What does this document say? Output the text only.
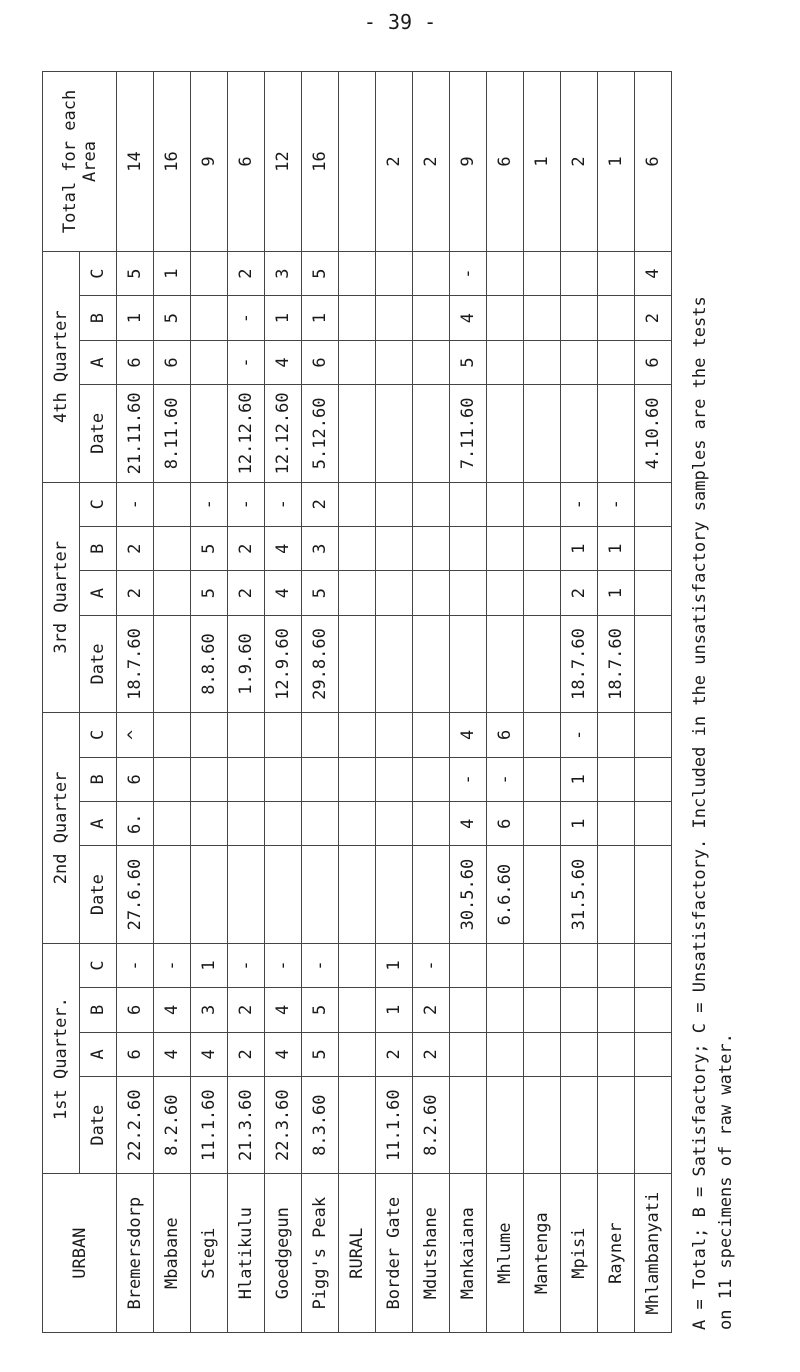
- 39 -
URBAN	1st Quarter.				2nd Quarter				3rd Quarter				4th Quarter				Total for each Area
	Date	A	B	C	Date	A	B	C	Date	A	B	C	Date	A	B	C	
Bremersdorp	22.2.60	6	6	-	27.6.60	6.	6	^	18.7.60	2	2	-	21.11.60	6	1	5	14
Mbabane	8.2.60	4	4	-									8.11.60	6	5	1	16
Stegi	11.1.60	4	3	1					8.8.60	5	5	-					9
Hlatikulu	21.3.60	2	2	-					1.9.60	2	2	-	12.12.60	-	-	2	6
Goedgegun	22.3.60	4	4	-					12.9.60	4	4	-	12.12.60	4	1	3	12
Pigg's Peak	8.3.60	5	5	-					29.8.60	5	3	2	5.12.60	6	1	5	16
RURAL																	
Border Gate	11.1.60	2	1	1													2
Mdutshane	8.2.60	2	2	-													2
Mankaiana					30.5.60	4	-	4					7.11.60	5	4	-	9
Mhlume					6.6.60	6	-	6									6
Mantenga																	1
Mpisi					31.5.60	1	1	-	18.7.60	2	1	-					2
Rayner									18.7.60	1	1	-					1
Mhlambanyati													4.10.60	6	2	4	6
A = Total; B = Satisfactory; C = Unsatisfactory. Included in the unsatisfactory samples are the tests on 11 specimens of raw water.
